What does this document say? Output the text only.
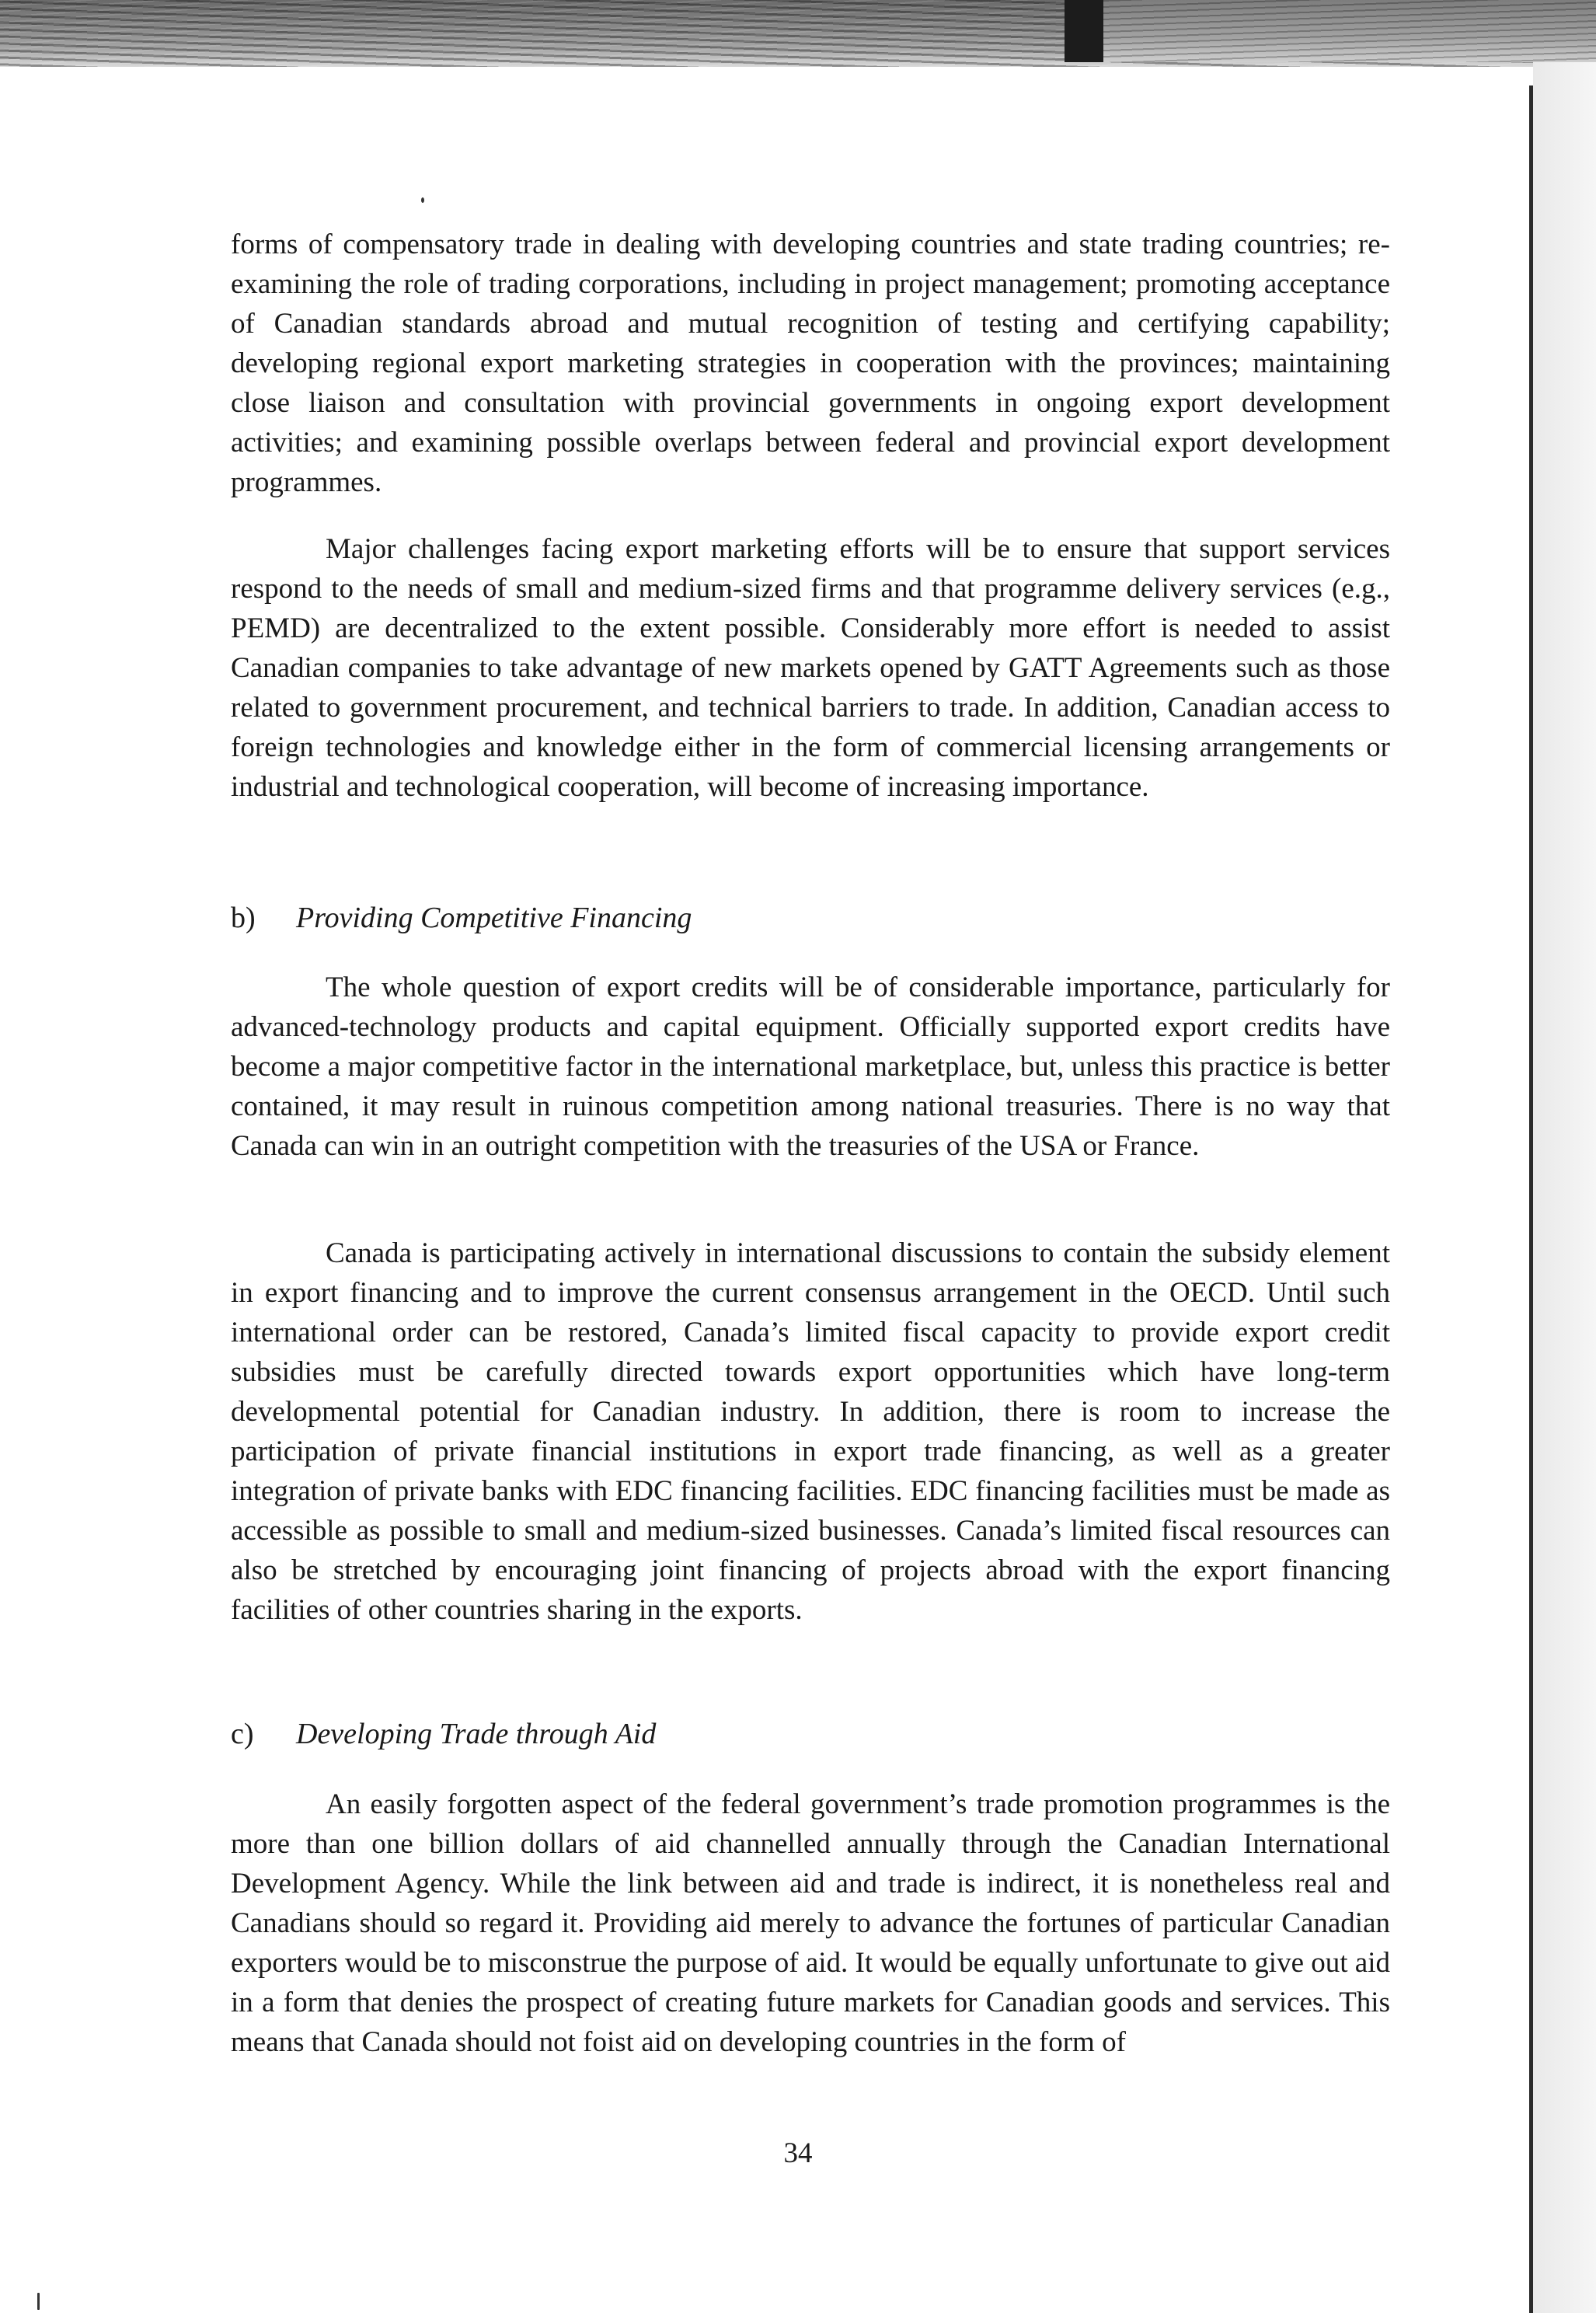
forms of compensatory trade in dealing with developing countries and state trading countries; re-examining the role of trading corporations, including in project management; promoting acceptance of Canadian standards abroad and mutual recognition of testing and certifying capability; developing regional export marketing strategies in cooperation with the provinces; maintaining close liaison and consultation with provincial governments in ongoing export development activities; and examining possible overlaps between federal and provincial export development programmes.
Major challenges facing export marketing efforts will be to ensure that support services respond to the needs of small and medium-sized firms and that programme delivery services (e.g., PEMD) are decentralized to the extent possible. Considerably more effort is needed to assist Canadian companies to take advantage of new markets opened by GATT Agreements such as those related to government procurement, and technical barriers to trade. In addition, Canadian access to foreign technologies and knowledge either in the form of commercial licensing arrangements or industrial and technological cooperation, will become of increasing importance.
b) Providing Competitive Financing
The whole question of export credits will be of considerable importance, particularly for advanced-technology products and capital equipment. Officially supported export credits have become a major competitive factor in the international marketplace, but, unless this practice is better contained, it may result in ruinous competition among national treasuries. There is no way that Canada can win in an outright competition with the treasuries of the USA or France.
Canada is participating actively in international discussions to contain the subsidy element in export financing and to improve the current consensus arrangement in the OECD. Until such international order can be restored, Canada’s limited fiscal capacity to provide export credit subsidies must be carefully directed towards export opportunities which have long-term developmental potential for Canadian industry. In addition, there is room to increase the participation of private financial institutions in export trade financing, as well as a greater integration of private banks with EDC financing facilities. EDC financing facilities must be made as accessible as possible to small and medium-sized businesses. Canada’s limited fiscal resources can also be stretched by encouraging joint financing of projects abroad with the export financing facilities of other countries sharing in the exports.
c) Developing Trade through Aid
An easily forgotten aspect of the federal government’s trade promotion programmes is the more than one billion dollars of aid channelled annually through the Canadian International Development Agency. While the link between aid and trade is indirect, it is nonetheless real and Canadians should so regard it. Providing aid merely to advance the fortunes of particular Canadian exporters would be to misconstrue the purpose of aid. It would be equally unfortunate to give out aid in a form that denies the prospect of creating future markets for Canadian goods and services. This means that Canada should not foist aid on developing countries in the form of
34
